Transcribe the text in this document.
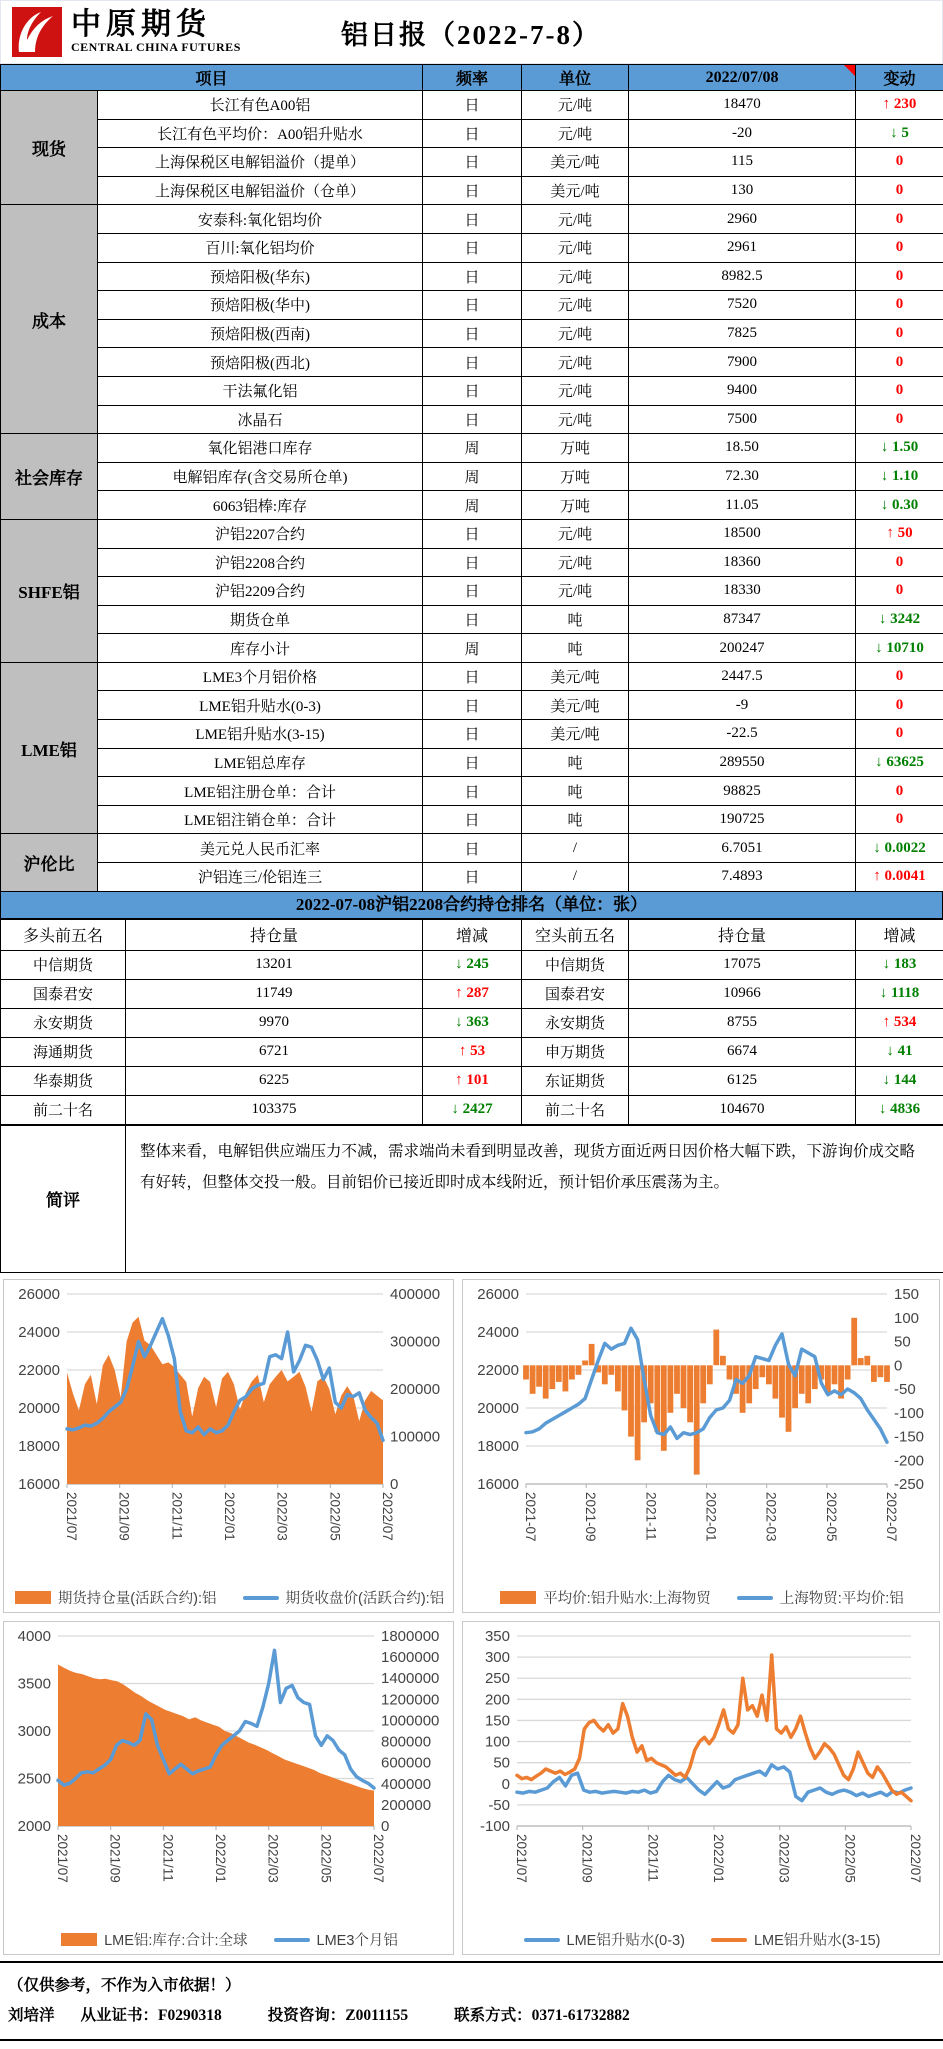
中原期货
CENTRAL CHINA FUTURES	铝日报（2022-7-8）
项目		频率	单位	2022/07/08	变动
现货	长江有色A00铝	日	元/吨	18470	↑ 230
	长江有色平均价：A00铝升贴水	日	元/吨	-20	↓ 5
	上海保税区电解铝溢价（提单）	日	美元/吨	115	0
	上海保税区电解铝溢价（仓单）	日	美元/吨	130	0
成本	安泰科:氧化铝均价	日	元/吨	2960	0
	百川:氧化铝均价	日	元/吨	2961	0
	预焙阳极(华东)	日	元/吨	8982.5	0
	预焙阳极(华中)	日	元/吨	7520	0
	预焙阳极(西南)	日	元/吨	7825	0
	预焙阳极(西北)	日	元/吨	7900	0
	干法氟化铝	日	元/吨	9400	0
	冰晶石	日	元/吨	7500	0
社会库存	氧化铝港口库存	周	万吨	18.50	↓ 1.50
	电解铝库存(含交易所仓单)	周	万吨	72.30	↓ 1.10
	6063铝棒:库存	周	万吨	11.05	↓ 0.30
SHFE铝	沪铝2207合约	日	元/吨	18500	↑ 50
	沪铝2208合约	日	元/吨	18360	0
	沪铝2209合约	日	元/吨	18330	0
	期货仓单	日	吨	87347	↓ 3242
	库存小计	周	吨	200247	↓ 10710
LME铝	LME3个月铝价格	日	美元/吨	2447.5	0
	LME铝升贴水(0-3)	日	美元/吨	-9	0
	LME铝升贴水(3-15)	日	美元/吨	-22.5	0
	LME铝总库存	日	吨	289550	↓ 63625
	LME铝注册仓单：合计	日	吨	98825	0
	LME铝注销仓单：合计	日	吨	190725	0
沪伦比	美元兑人民币汇率	日	/	6.7051	↓ 0.0022
	沪铝连三/伦铝连三	日	/	7.4893	↑ 0.0041
2022-07-08沪铝2208合约持仓排名（单位：张）
多头前五名	持仓量	增减	空头前五名	持仓量	增减
中信期货	13201	↓ 245	中信期货	17075	↓ 183
国泰君安	11749	↑ 287	国泰君安	10966	↓ 1118
永安期货	9970	↓ 363	永安期货	8755	↑ 534
海通期货	6721	↑ 53	申万期货	6674	↓ 41
华泰期货	6225	↑ 101	东证期货	6125	↓ 144
前二十名	103375	↓ 2427	前二十名	104670	↓ 4836
简评	整体来看，电解铝供应端压力不减，需求端尚未看到明显改善，现货方面近两日因价格大幅下跌，下游询价成交略有好转，但整体交投一般。目前铝价已接近即时成本线附近，预计铝价承压震荡为主。
16000
18000
20000
22000
24000
26000
0
100000
200000
300000
400000
2021/07	2021/09	2021/11	2022/01	2022/03	2022/05	2022/07
期货持仓量(活跃合约):铝	期货收盘价(活跃合约):铝
16000
18000
20000
22000
24000
26000
-250
-200
-150
-100
-50
0
50
100
150
2021-07	2021-09	2021-11	2022-01	2022-03	2022-05	2022-07
平均价:铝升贴水:上海物贸	上海物贸:平均价:铝
2000
2500
3000
3500
4000
0
200000
400000
600000
800000
1000000
1200000
1400000
1600000
1800000
2021/07	2021/09	2021/11	2022/01	2022/03	2022/05	2022/07
LME铝:库存:合计:全球	LME3个月铝
-100
-50
0
50
100
150
200
250
300
350
2021/07	2021/09	2021/11	2022/01	2022/03	2022/05	2022/07
LME铝升贴水(0-3)	LME铝升贴水(3-15)
（仅供参考，不作为入市依据！）
刘培洋 从业证书：F0290318	投资咨询：Z0011155	联系方式：0371-61732882
